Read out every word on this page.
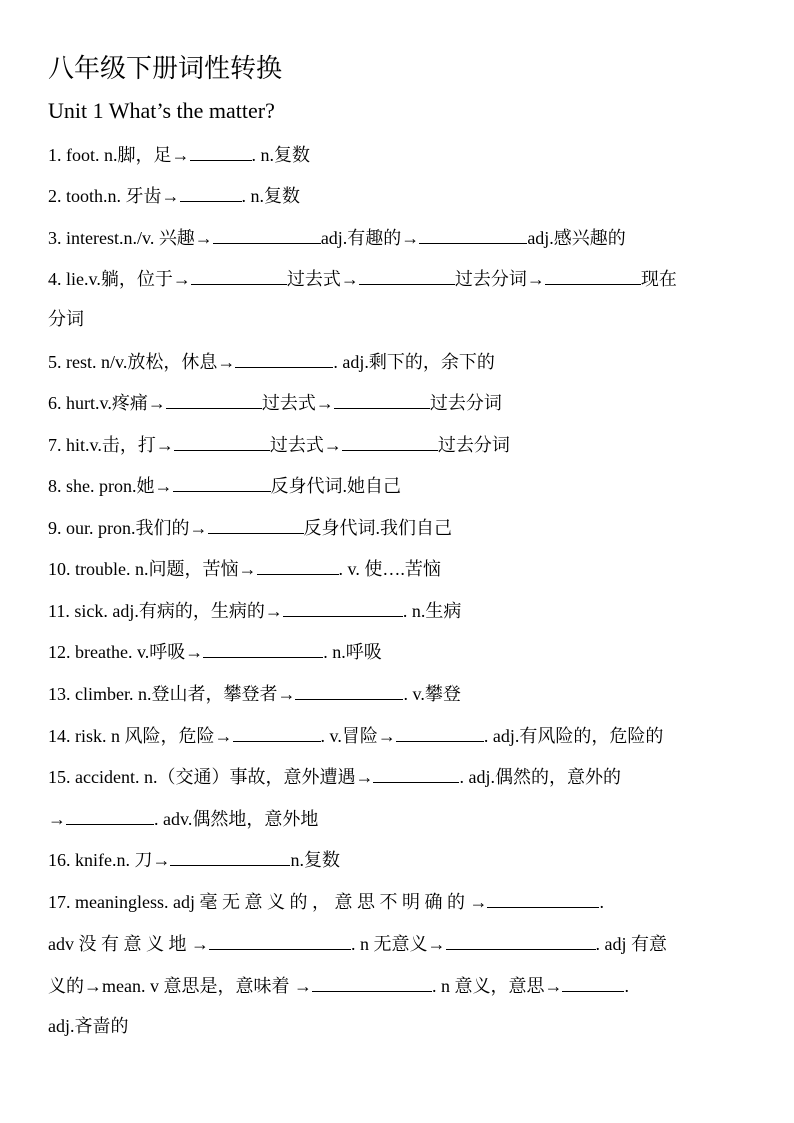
八年级下册词性转换
Unit 1 What’s the matter?
1. foot. n.脚，足→	. n.复数
2. tooth.n. 牙齿→	. n.复数
3. interest.n./v. 兴趣→	adj.有趣的→	adj.感兴趣的
4. lie.v.躺，位于→	过去式→	过去分词→	现在
分词
5. rest. n/v.放松，休息→	. adj.剩下的，余下的
6. hurt.v.疼痛→	过去式→	过去分词
7. hit.v.击，打→	过去式→	过去分词
8. she. pron.她→	反身代词.她自己
9. our. pron.我们的→	反身代词.我们自己
10. trouble. n.问题，苦恼→	. v. 使….苦恼
11. sick. adj.有病的，生病的→	. n.生病
12. breathe. v.呼吸→	. n.呼吸
13. climber. n.登山者，攀登者→	. v.攀登
14. risk. n 风险，危险→	. v.冒险→	. adj.有风险的，危险的
15. accident. n.（交通）事故，意外遭遇→	. adj.偶然的，意外的
→	. adv.偶然地，意外地
16. knife.n. 刀→	n.复数
17. meaningless. adj 毫 无 意 义 的 ， 意 思 不 明 确 的 →	.
adv 没 有 意 义 地 →	. n 无意义→	. adj 有意
义的→mean. v 意思是，意味着 →	. n 意义，意思→	.
adj.吝啬的
